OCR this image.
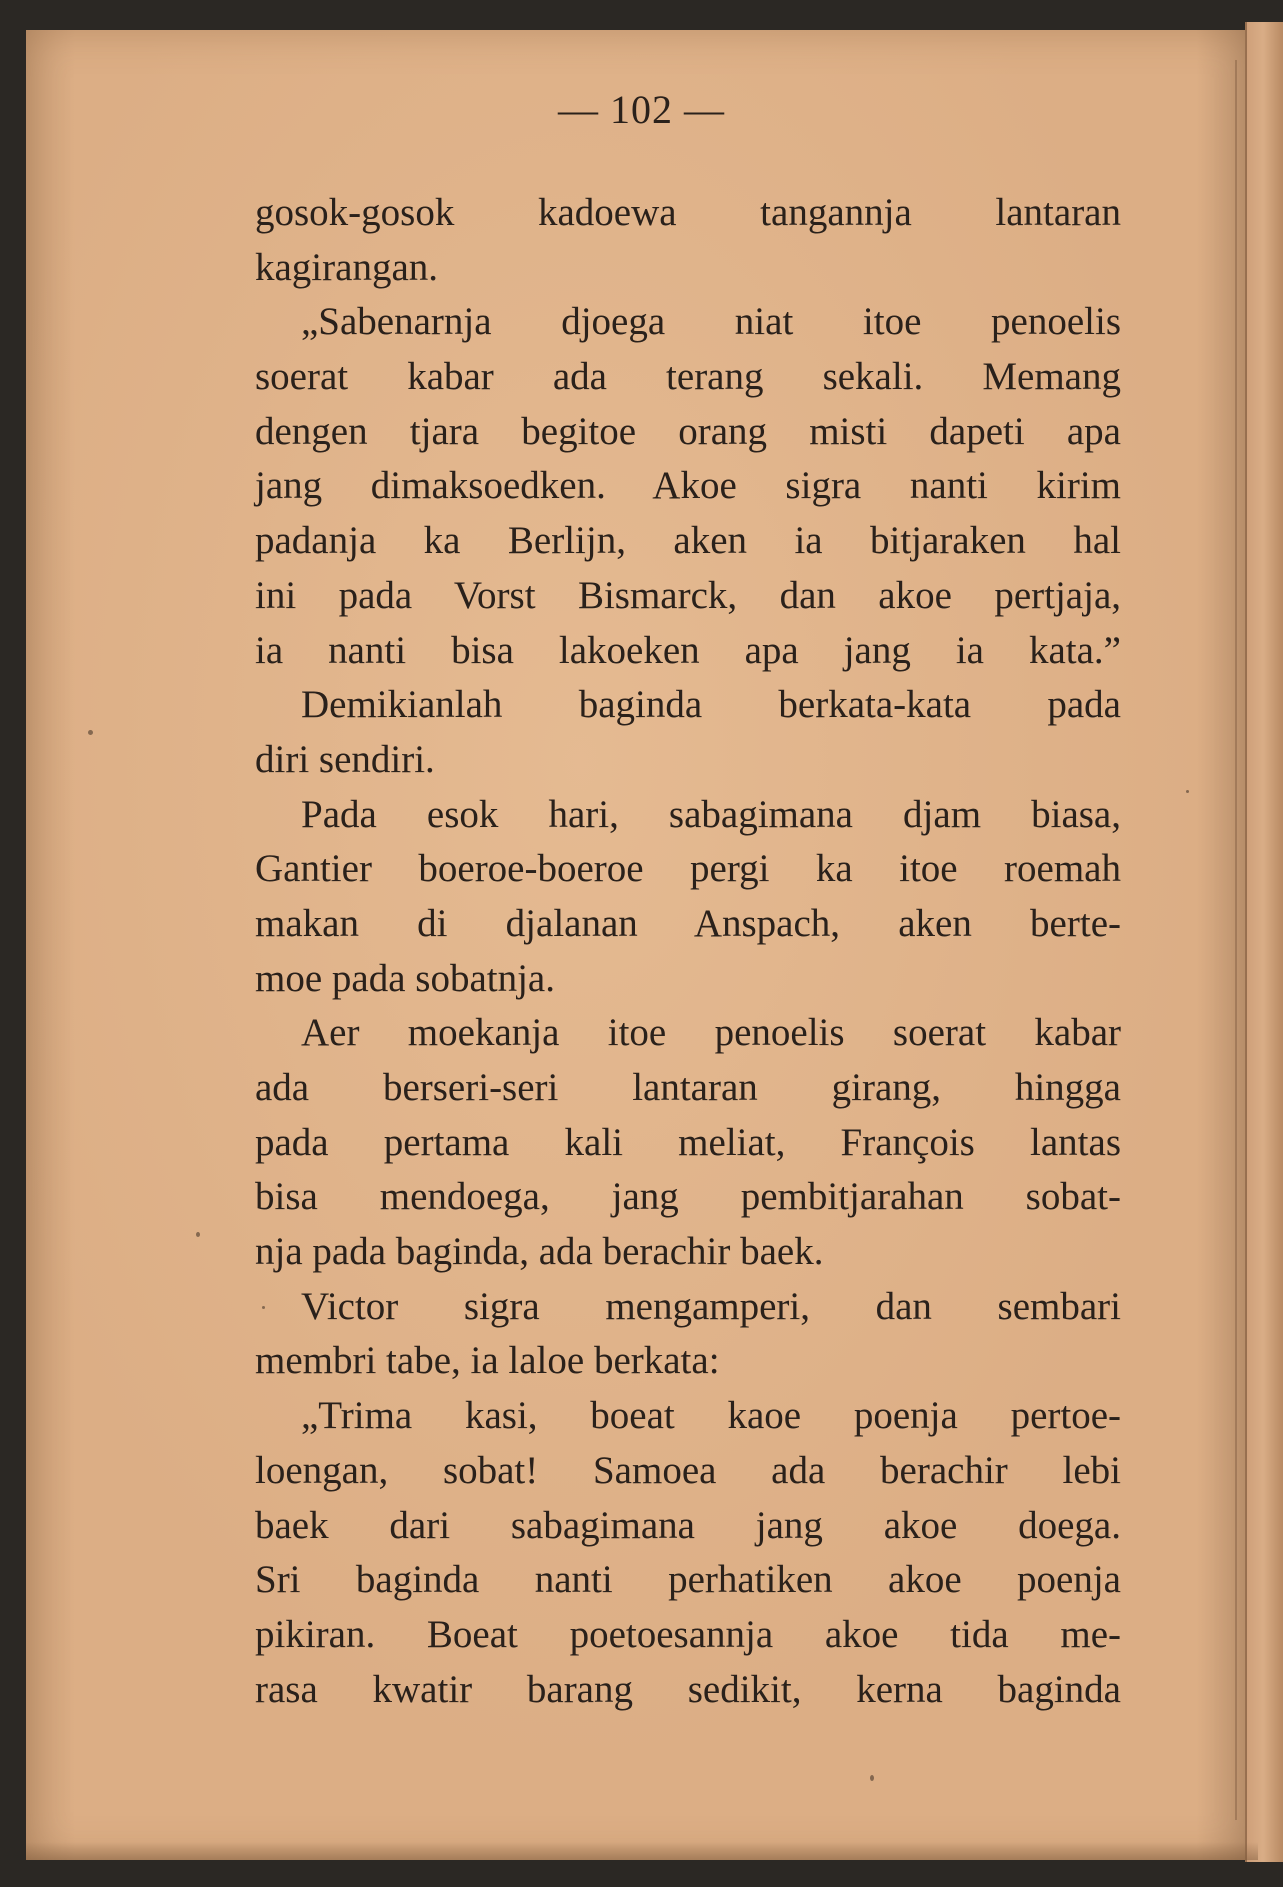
— 102 —
gosok-gosok kadoewa tangannja lantaran
kagirangan.
„Sabenarnja djoega niat itoe penoelis
soerat kabar ada terang sekali. Memang
dengen tjara begitoe orang misti dapeti apa
jang dimaksoedken. Akoe sigra nanti kirim
padanja ka Berlijn, aken ia bitjaraken hal
ini pada Vorst Bismarck, dan akoe pertjaja,
ia nanti bisa lakoeken apa jang ia kata.”
Demikianlah baginda berkata-kata pada
diri sendiri.
Pada esok hari, sabagimana djam biasa,
Gantier boeroe-boeroe pergi ka itoe roemah
makan di djalanan Anspach, aken berte-
moe pada sobatnja.
Aer moekanja itoe penoelis soerat kabar
ada berseri-seri lantaran girang, hingga
pada pertama kali meliat, François lantas
bisa mendoega, jang pembitjarahan sobat-
nja pada baginda, ada berachir baek.
Victor sigra mengamperi, dan sembari
membri tabe, ia laloe berkata:
„Trima kasi, boeat kaoe poenja pertoe-
loengan, sobat! Samoea ada berachir lebi
baek dari sabagimana jang akoe doega.
Sri baginda nanti perhatiken akoe poenja
pikiran. Boeat poetoesannja akoe tida me-
rasa kwatir barang sedikit, kerna baginda
